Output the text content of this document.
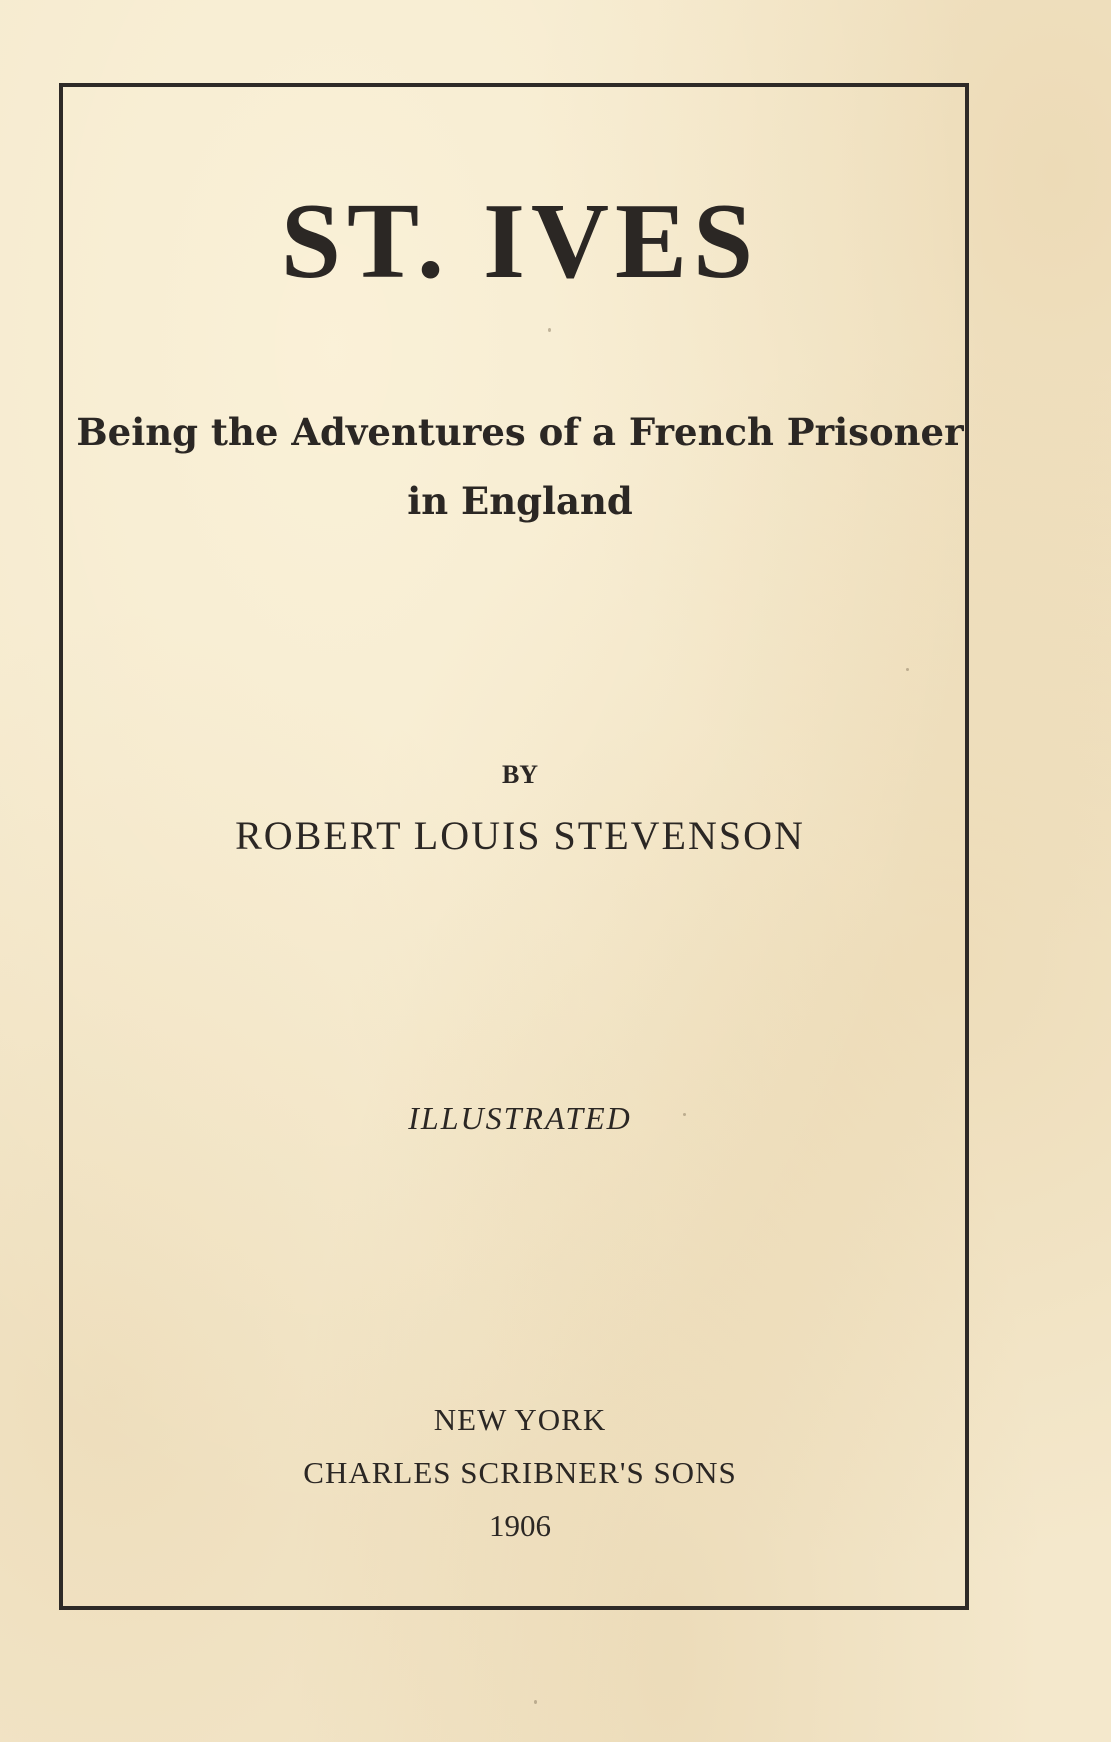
ST. IVES
Being the Adventures of a French Prisoner
in England
BY
ROBERT LOUIS STEVENSON
ILLUSTRATED
NEW YORK
CHARLES SCRIBNER'S SONS
1906
